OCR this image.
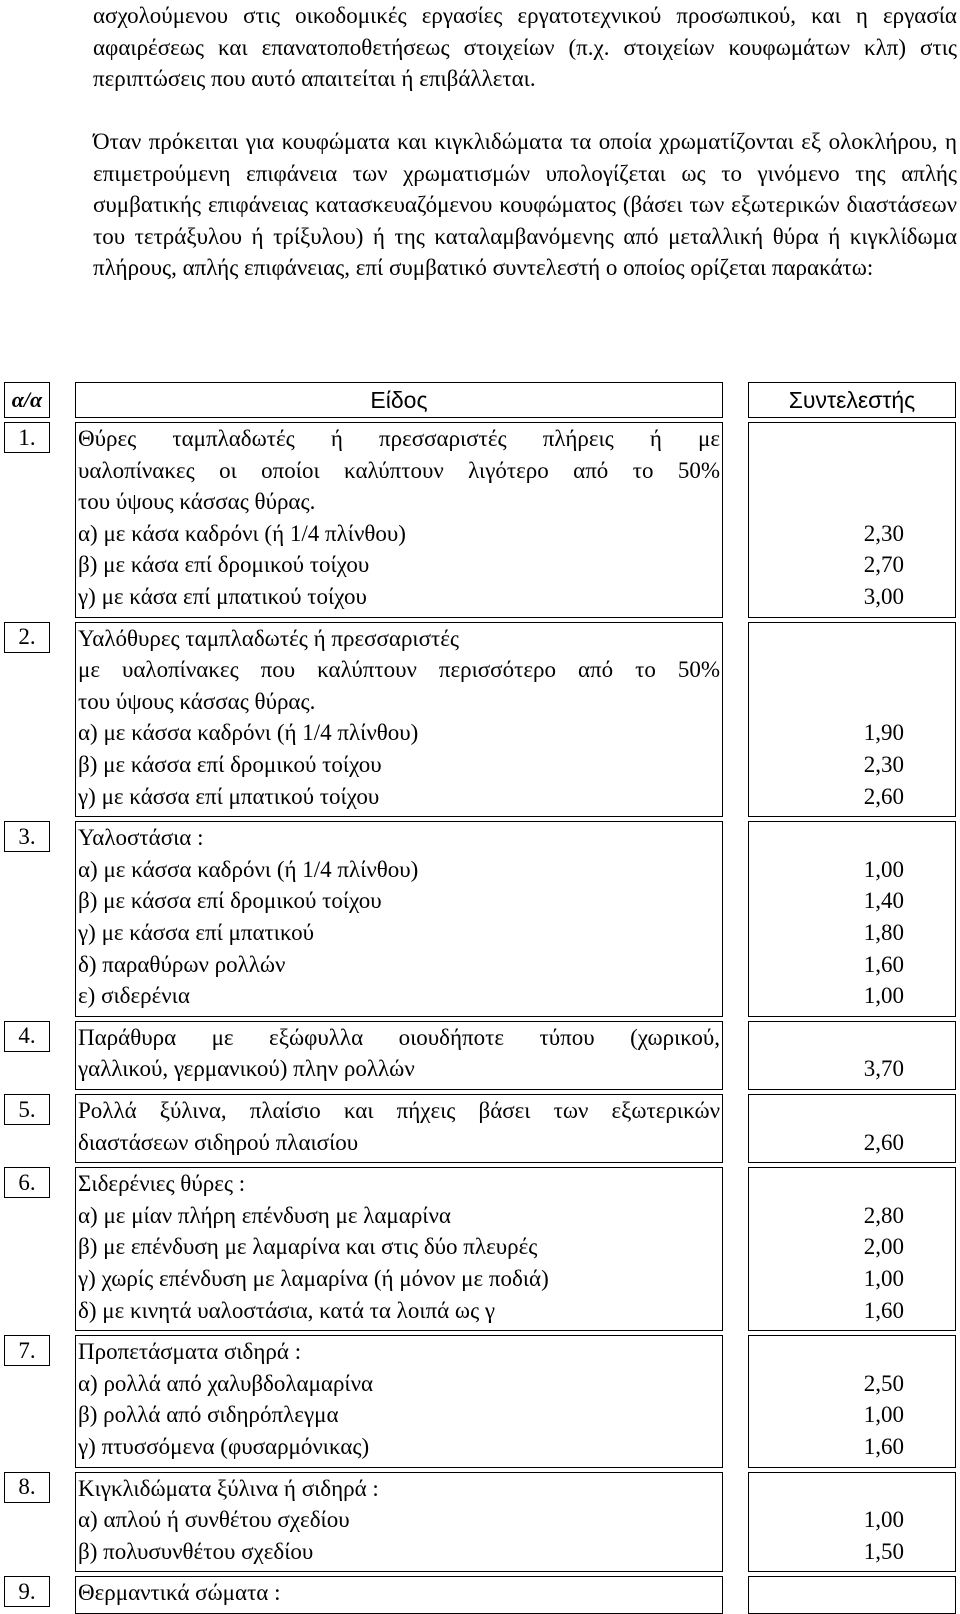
ασχολούμενου στις οικοδομικές εργασίες εργατοτεχνικού προσωπικού, και η εργασία αφαιρέσεως και επανατοποθετήσεως στοιχείων (π.χ. στοιχείων κουφωμάτων κλπ) στις περιπτώσεις που αυτό απαιτείται ή επιβάλλεται.

Όταν πρόκειται για κουφώματα και κιγκλιδώματα τα οποία χρωματίζονται εξ ολοκλήρου, η επιμετρούμενη επιφάνεια των χρωματισμών υπολογίζεται ως το γινόμενο της απλής συμβατικής επιφάνειας κατασκευαζόμενου κουφώματος (βάσει των εξωτερικών διαστάσεων του τετράξυλου ή τρίξυλου) ή της καταλαμβανόμενης από μεταλλική θύρα ή κιγκλίδωμα πλήρους, απλής επιφάνειας, επί συμβατικό συντελεστή ο οποίος ορίζεται παρακάτω:

α/α	Είδος	Συντελεστής
1. Θύρες ταμπλαδωτές ή πρεσσαριστές πλήρεις ή με
υαλοπίνακες οι οποίοι καλύπτουν λιγότερο από το 50%
του ύψους κάσσας θύρας.
α) με κάσα καδρόνι (ή 1/4 πλίνθου)	2,30
β) με κάσα επί δρομικού τοίχου	2,70
γ) με κάσα επί μπατικού τοίχου	3,00
2. Υαλόθυρες ταμπλαδωτές ή πρεσσαριστές
με υαλοπίνακες που καλύπτουν περισσότερο από το 50%
του ύψους κάσσας θύρας.
α) με κάσσα καδρόνι (ή 1/4 πλίνθου)	1,90
β) με κάσσα επί δρομικού τοίχου	2,30
γ) με κάσσα επί μπατικού τοίχου	2,60
3. Υαλοστάσια :
α) με κάσσα καδρόνι (ή 1/4 πλίνθου)	1,00
β) με κάσσα επί δρομικού τοίχου	1,40
γ) με κάσσα επί μπατικού	1,80
δ) παραθύρων ρολλών	1,60
ε) σιδερένια	1,00
4. Παράθυρα με εξώφυλλα οιουδήποτε τύπου (χωρικού,
γαλλικού, γερμανικού) πλην ρολλών	3,70
5. Ρολλά ξύλινα, πλαίσιο και πήχεις βάσει των εξωτερικών
διαστάσεων σιδηρού πλαισίου	2,60
6. Σιδερένιες θύρες :
α) με μίαν πλήρη επένδυση με λαμαρίνα	2,80
β) με επένδυση με λαμαρίνα και στις δύο πλευρές	2,00
γ) χωρίς επένδυση με λαμαρίνα (ή μόνον με ποδιά)	1,00
δ) με κινητά υαλοστάσια, κατά τα λοιπά ως γ	1,60
7. Προπετάσματα σιδηρά :
α) ρολλά από χαλυβδολαμαρίνα	2,50
β) ρολλά από σιδηρόπλεγμα	1,00
γ) πτυσσόμενα (φυσαρμόνικας)	1,60
8. Κιγκλιδώματα ξύλινα ή σιδηρά :
α) απλού ή συνθέτου σχεδίου	1,00
β) πολυσυνθέτου σχεδίου	1,50
9. Θερμαντικά σώματα :
